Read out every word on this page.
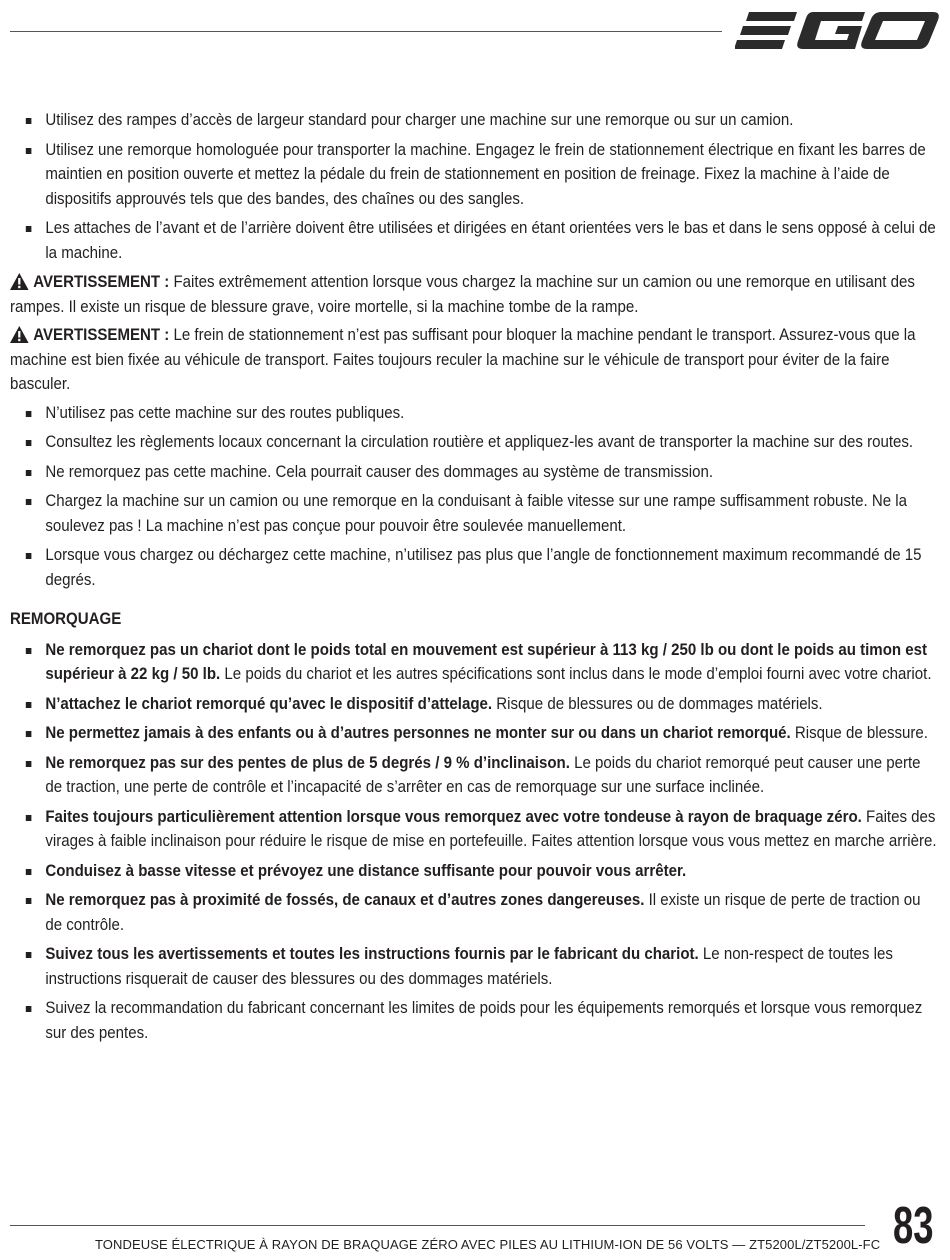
Utilisez des rampes d’accès de largeur standard pour charger une machine sur une remorque ou sur un camion.
Utilisez une remorque homologuée pour transporter la machine. Engagez le frein de stationnement électrique en fixant les barres de maintien en position ouverte et mettez la pédale du frein de stationnement en position de freinage. Fixez la machine à l’aide de dispositifs approuvés tels que des bandes, des chaînes ou des sangles.
Les attaches de l’avant et de l’arrière doivent être utilisées et dirigées en étant orientées vers le bas et dans le sens opposé à celui de la machine.
AVERTISSEMENT : Faites extrêmement attention lorsque vous chargez la machine sur un camion ou une remorque en utilisant des rampes. Il existe un risque de blessure grave, voire mortelle, si la machine tombe de la rampe.
AVERTISSEMENT : Le frein de stationnement n’est pas suffisant pour bloquer la machine pendant le transport. Assurez-vous que la machine est bien fixée au véhicule de transport. Faites toujours reculer la machine sur le véhicule de transport pour éviter de la faire basculer.
N’utilisez pas cette machine sur des routes publiques.
Consultez les règlements locaux concernant la circulation routière et appliquez-les avant de transporter la machine sur des routes.
Ne remorquez pas cette machine. Cela pourrait causer des dommages au système de transmission.
Chargez la machine sur un camion ou une remorque en la conduisant à faible vitesse sur une rampe suffisamment robuste. Ne la soulevez pas ! La machine n’est pas conçue pour pouvoir être soulevée manuellement.
Lorsque vous chargez ou déchargez cette machine, n’utilisez pas plus que l’angle de fonctionnement maximum recommandé de 15 degrés.
REMORQUAGE
Ne remorquez pas un chariot dont le poids total en mouvement est supérieur à 113 kg / 250 lb ou dont le poids au timon est supérieur à 22 kg / 50 lb. Le poids du chariot et les autres spécifications sont inclus dans le mode d’emploi fourni avec votre chariot.
N’attachez le chariot remorqué qu’avec le dispositif d’attelage. Risque de blessures ou de dommages matériels.
Ne permettez jamais à des enfants ou à d’autres personnes ne monter sur ou dans un chariot remorqué. Risque de blessure.
Ne remorquez pas sur des pentes de plus de 5 degrés / 9 % d’inclinaison. Le poids du chariot remorqué peut causer une perte de traction, une perte de contrôle et l’incapacité de s’arrêter en cas de remorquage sur une surface inclinée.
Faites toujours particulièrement attention lorsque vous remorquez avec votre tondeuse à rayon de braquage zéro. Faites des virages à faible inclinaison pour réduire le risque de mise en portefeuille. Faites attention lorsque vous vous mettez en marche arrière.
Conduisez à basse vitesse et prévoyez une distance suffisante pour pouvoir vous arrêter.
Ne remorquez pas à proximité de fossés, de canaux et d’autres zones dangereuses. Il existe un risque de perte de traction ou de contrôle.
Suivez tous les avertissements et toutes les instructions fournis par le fabricant du chariot. Le non-respect de toutes les instructions risquerait de causer des blessures ou des dommages matériels.
Suivez la recommandation du fabricant concernant les limites de poids pour les équipements remorqués et lorsque vous remorquez sur des pentes.
TONDEUSE ÉLECTRIQUE À RAYON DE BRAQUAGE ZÉRO AVEC PILES AU LITHIUM-ION DE 56 VOLTS — ZT5200L/ZT5200L-FC 83
